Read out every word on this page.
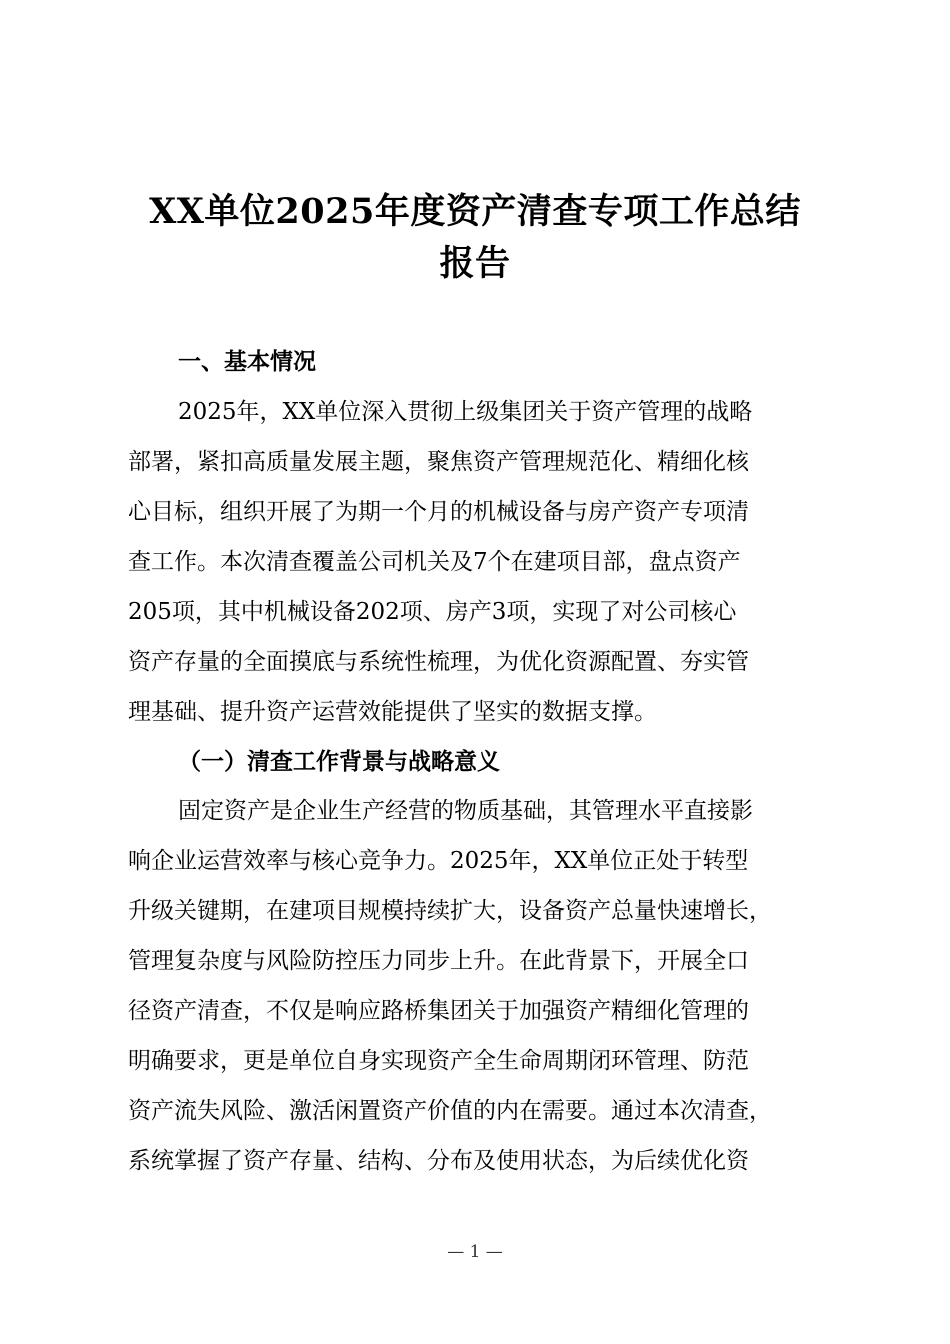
XX单位2025年度资产清查专项工作总结
报告
一、基本情况
2025年，XX单位深入贯彻上级集团关于资产管理的战略
部署，紧扣高质量发展主题，聚焦资产管理规范化、精细化核
心目标，组织开展了为期一个月的机械设备与房产资产专项清
查工作。本次清查覆盖公司机关及7个在建项目部，盘点资产
205项，其中机械设备202项、房产3项，实现了对公司核心
资产存量的全面摸底与系统性梳理，为优化资源配置、夯实管
理基础、提升资产运营效能提供了坚实的数据支撑。
（一）清查工作背景与战略意义
固定资产是企业生产经营的物质基础，其管理水平直接影
响企业运营效率与核心竞争力。2025年，XX单位正处于转型
升级关键期，在建项目规模持续扩大，设备资产总量快速增长，
管理复杂度与风险防控压力同步上升。在此背景下，开展全口
径资产清查，不仅是响应路桥集团关于加强资产精细化管理的
明确要求，更是单位自身实现资产全生命周期闭环管理、防范
资产流失风险、激活闲置资产价值的内在需要。通过本次清查，
系统掌握了资产存量、结构、分布及使用状态，为后续优化资
— 1 —
